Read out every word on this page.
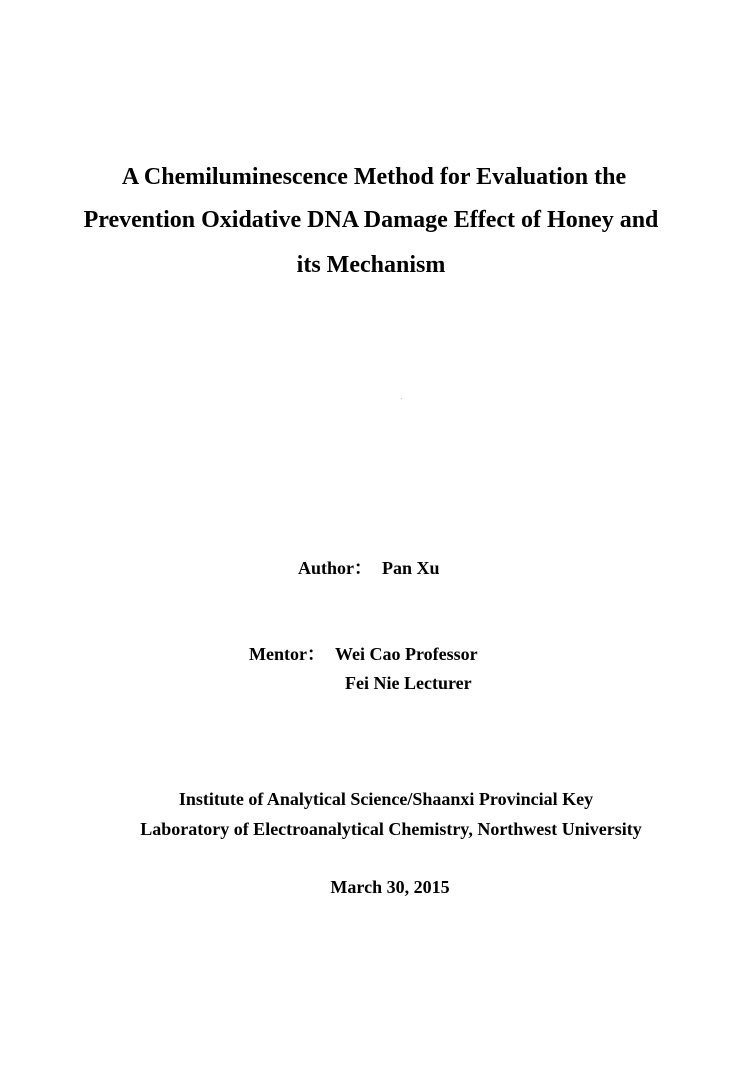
A Chemiluminescence Method for Evaluation the
Prevention Oxidative DNA Damage Effect of Honey and
its Mechanism
Author： Pan Xu
Mentor： Wei Cao Professor
Fei Nie Lecturer
Institute of Analytical Science/Shaanxi Provincial Key
Laboratory of Electroanalytical Chemistry, Northwest University
March 30, 2015
